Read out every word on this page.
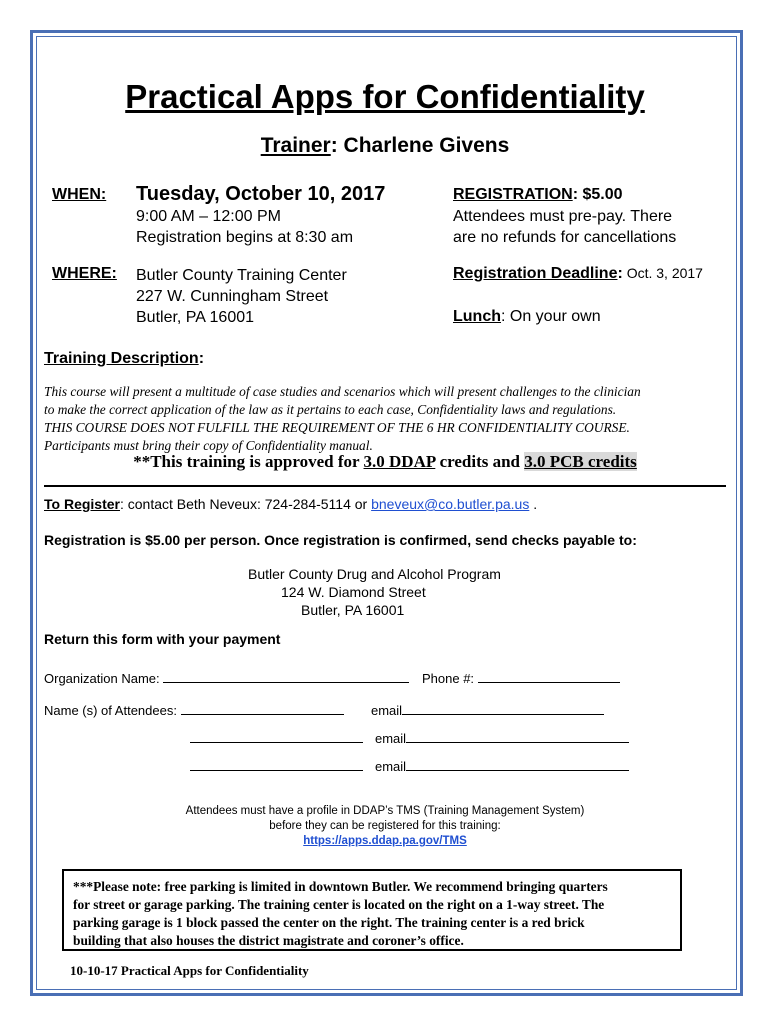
Practical Apps for Confidentiality
Trainer: Charlene Givens
WHEN: Tuesday, October 10, 2017
9:00 AM – 12:00 PM
Registration begins at 8:30 am
REGISTRATION: $5.00
Attendees must pre-pay. There
are no refunds for cancellations
WHERE: Butler County Training Center
227 W. Cunningham Street
Butler, PA 16001
Registration Deadline: Oct. 3, 2017
Lunch: On your own
Training Description:
This course will present a multitude of case studies and scenarios which will present challenges to the clinician
to make the correct application of the law as it pertains to each case, Confidentiality laws and regulations.
THIS COURSE DOES NOT FULFILL THE REQUIREMENT OF THE 6 HR CONFIDENTIALITY COURSE.
Participants must bring their copy of Confidentiality manual.
**This training is approved for 3.0 DDAP credits and 3.0 PCB credits
To Register: contact Beth Neveux: 724-284-5114 or bneveux@co.butler.pa.us .
Registration is $5.00 per person. Once registration is confirmed, send checks payable to:
Butler County Drug and Alcohol Program
124 W. Diamond Street
Butler, PA 16001
Return this form with your payment
Organization Name:	Phone #:
Name (s) of Attendees:	email
email
email
Attendees must have a profile in DDAP’s TMS (Training Management System)
before they can be registered for this training:
https://apps.ddap.pa.gov/TMS
***Please note: free parking is limited in downtown Butler. We recommend bringing quarters
for street or garage parking. The training center is located on the right on a 1-way street. The
parking garage is 1 block passed the center on the right. The training center is a red brick
building that also houses the district magistrate and coroner’s office.
10-10-17 Practical Apps for Confidentiality
